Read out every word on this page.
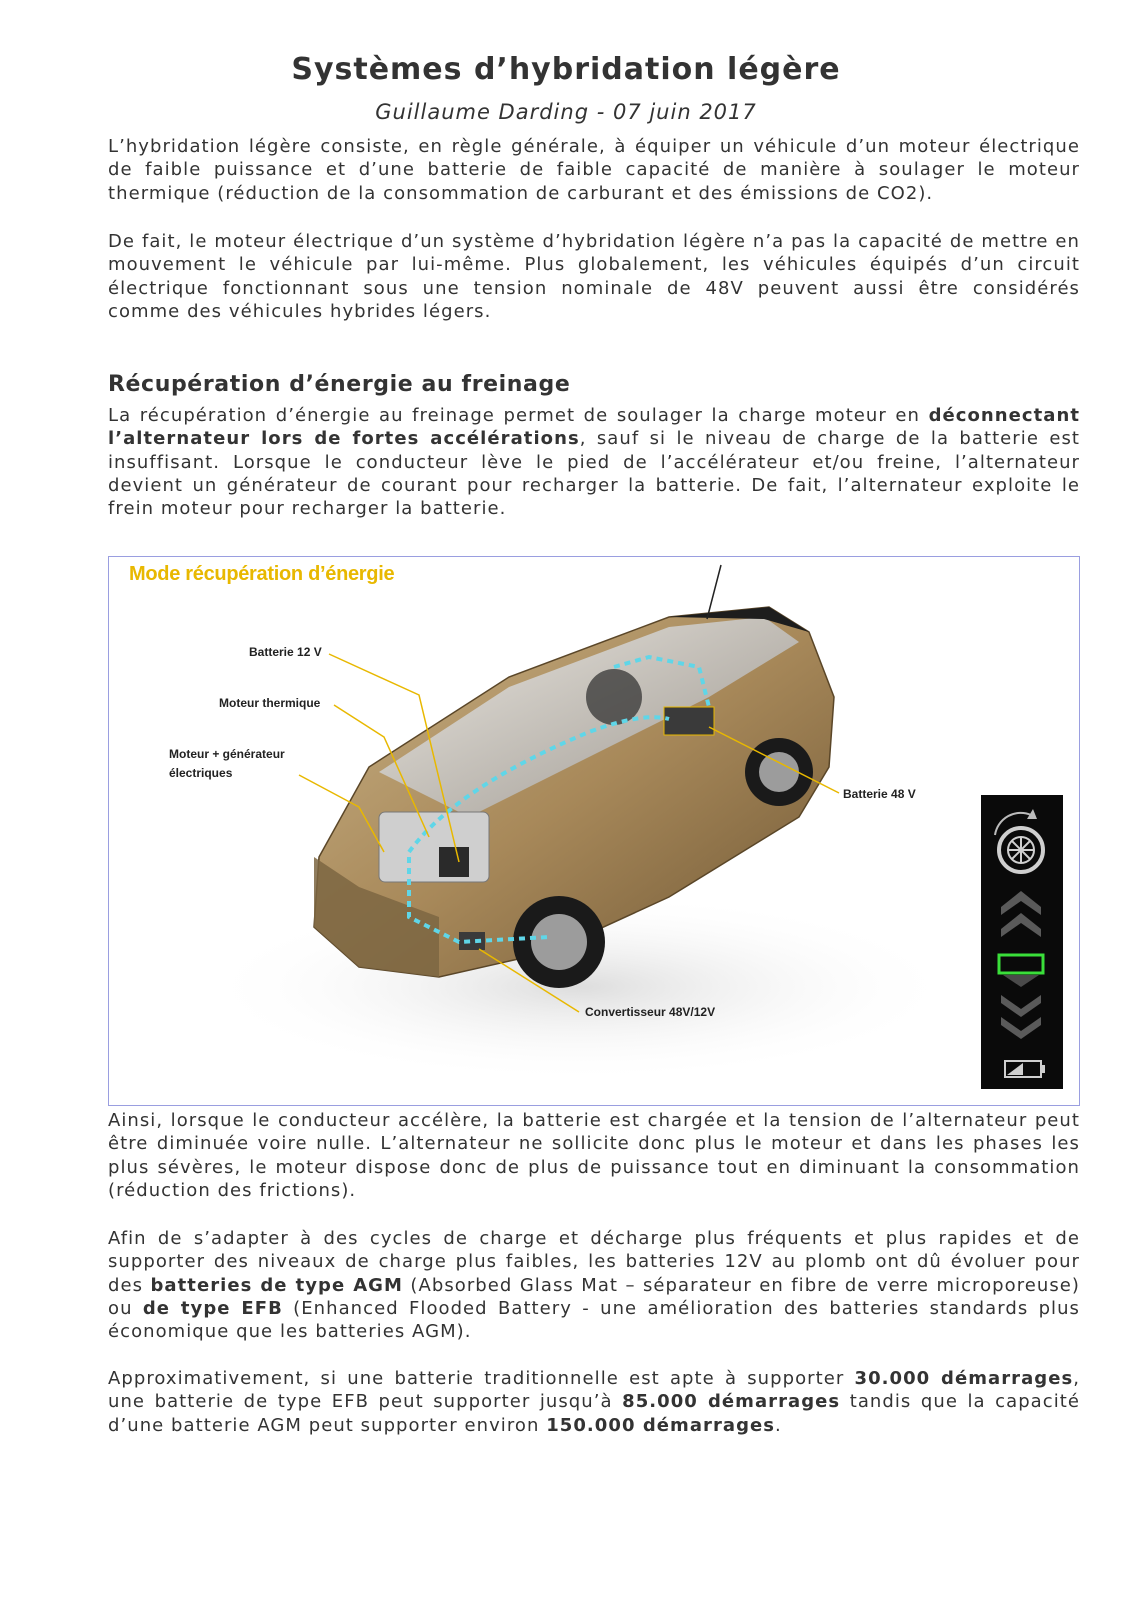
Systèmes d’hybridation légère
Guillaume Darding - 07 juin 2017

L’hybridation légère consiste, en règle générale, à équiper un véhicule d’un moteur électrique de faible puissance et d’une batterie de faible capacité de manière à soulager le moteur thermique (réduction de la consommation de carburant et des émissions de CO2).

De fait, le moteur électrique d’un système d’hybridation légère n’a pas la capacité de mettre en mouvement le véhicule par lui-même. Plus globalement, les véhicules équipés d’un circuit électrique fonctionnant sous une tension nominale de 48V peuvent aussi être considérés comme des véhicules hybrides légers.

Récupération d’énergie au freinage

La récupération d’énergie au freinage permet de soulager la charge moteur en déconnectant l’alternateur lors de fortes accélérations, sauf si le niveau de charge de la batterie est insuffisant. Lorsque le conducteur lève le pied de l’accélérateur et/ou freine, l’alternateur devient un générateur de courant pour recharger la batterie. De fait, l’alternateur exploite le frein moteur pour recharger la batterie.

Mode récupération d’énergie
Batterie 12 V
Moteur thermique
Moteur + générateur électriques
Batterie 48 V
Convertisseur 48V/12V

Ainsi, lorsque le conducteur accélère, la batterie est chargée et la tension de l’alternateur peut être diminuée voire nulle. L’alternateur ne sollicite donc plus le moteur et dans les phases les plus sévères, le moteur dispose donc de plus de puissance tout en diminuant la consommation (réduction des frictions).

Afin de s’adapter à des cycles de charge et décharge plus fréquents et plus rapides et de supporter des niveaux de charge plus faibles, les batteries 12V au plomb ont dû évoluer pour des batteries de type AGM (Absorbed Glass Mat – séparateur en fibre de verre microporeuse) ou de type EFB (Enhanced Flooded Battery - une amélioration des batteries standards plus économique que les batteries AGM).

Approximativement, si une batterie traditionnelle est apte à supporter 30.000 démarrages, une batterie de type EFB peut supporter jusqu’à 85.000 démarrages tandis que la capacité d’une batterie AGM peut supporter environ 150.000 démarrages.
